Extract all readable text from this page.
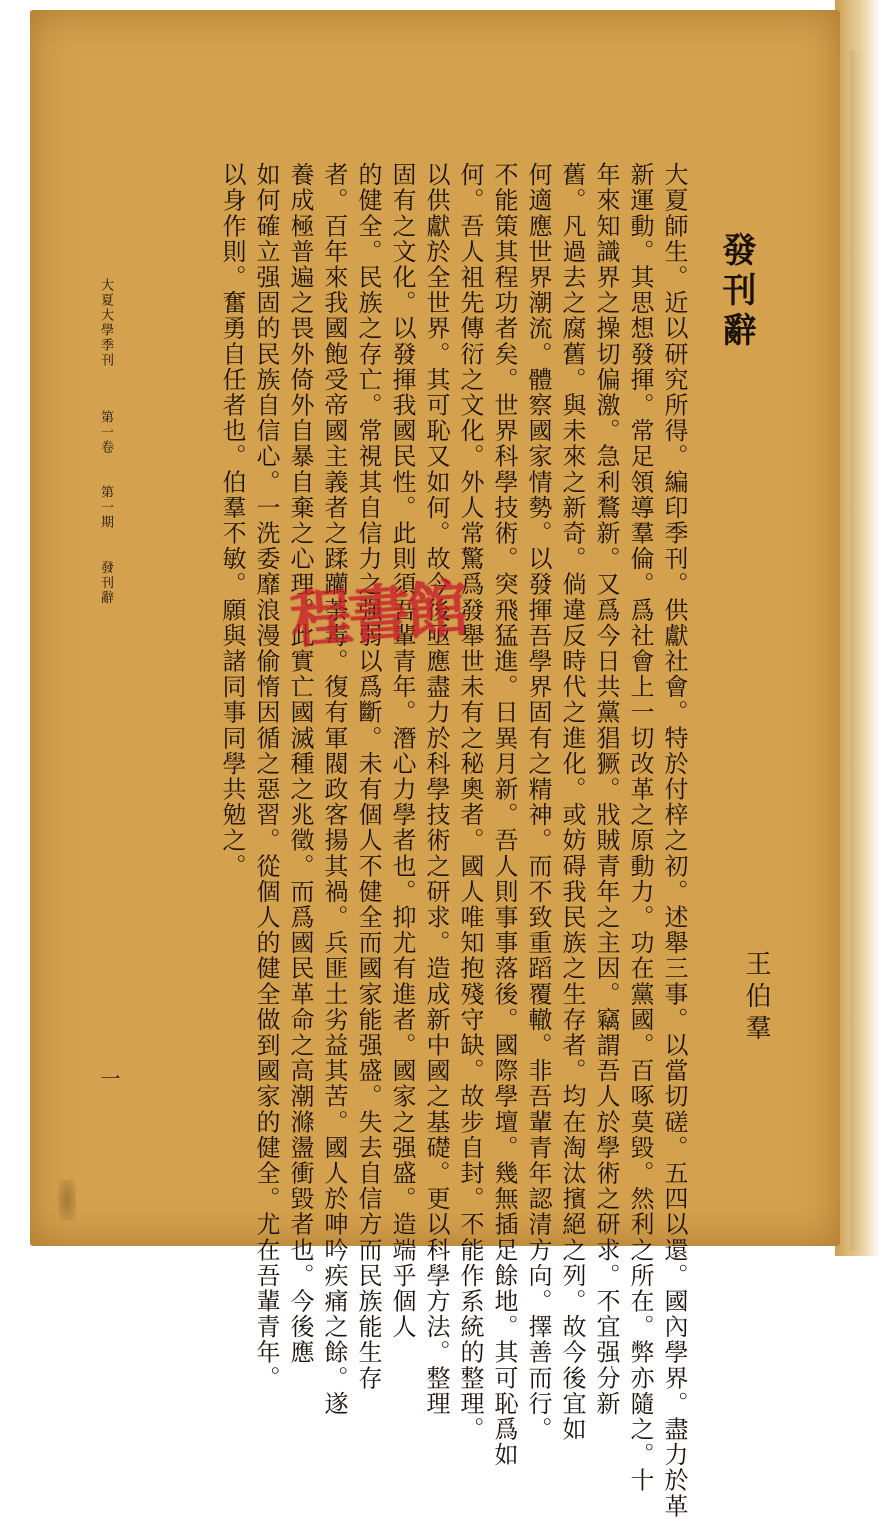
發刊辭
王伯羣
大夏師生。近以研究所得。編印季刊。供獻社會。特於付梓之初。述舉三事。以當切磋。五四以還。國內學界。盡力於革
新運動。其思想發揮。常足領導羣倫。爲社會上一切改革之原動力。功在黨國。百啄莫毀。然利之所在。弊亦隨之。十
年來知識界之操切偏激。急利鶩新。又爲今日共黨猖獗。戕賊青年之主因。竊謂吾人於學術之研求。不宜强分新
舊。凡過去之腐舊。與未來之新奇。倘違反時代之進化。或妨碍我民族之生存者。均在淘汰擯絕之列。故今後宜如
何適應世界潮流。體察國家情勢。以發揮吾學界固有之精神。而不致重蹈覆轍。非吾輩青年認清方向。擇善而行。
不能策其程功者矣。世界科學技術。突飛猛進。日異月新。吾人則事事落後。國際學壇。幾無插足餘地。其可恥爲如
何。吾人祖先傳衍之文化。外人常驚爲發舉世未有之秘奧者。國人唯知抱殘守缺。故步自封。不能作系統的整理。
以供獻於全世界。其可恥又如何。故今後亟應盡力於科學技術之研求。造成新中國之基礎。更以科學方法。整理
固有之文化。以發揮我國民性。此則須吾輩青年。潛心力學者也。抑尤有進者。國家之强盛。造端乎個人
的健全。民族之存亡。常視其自信力之强弱以爲斷。未有個人不健全而國家能强盛。失去自信方而民族能生存
者。百年來我國飽受帝國主義者之蹂躪荼毒。復有軍閥政客揚其禍。兵匪土劣益其苦。國人於呻吟疾痛之餘。遂
養成極普遍之畏外倚外自暴自棄之心理。此實亡國滅種之兆徵。而爲國民革命之高潮滌盪衝毀者也。今後應
如何確立强固的民族自信心。一洗委靡浪漫偷惰因循之惡習。從個人的健全做到國家的健全。尤在吾輩青年。
以身作則。奮勇自任者也。伯羣不敏。願與諸同事同學共勉之。
大夏大學季刊 第一卷 第一期 發刊辭
一
程書館
